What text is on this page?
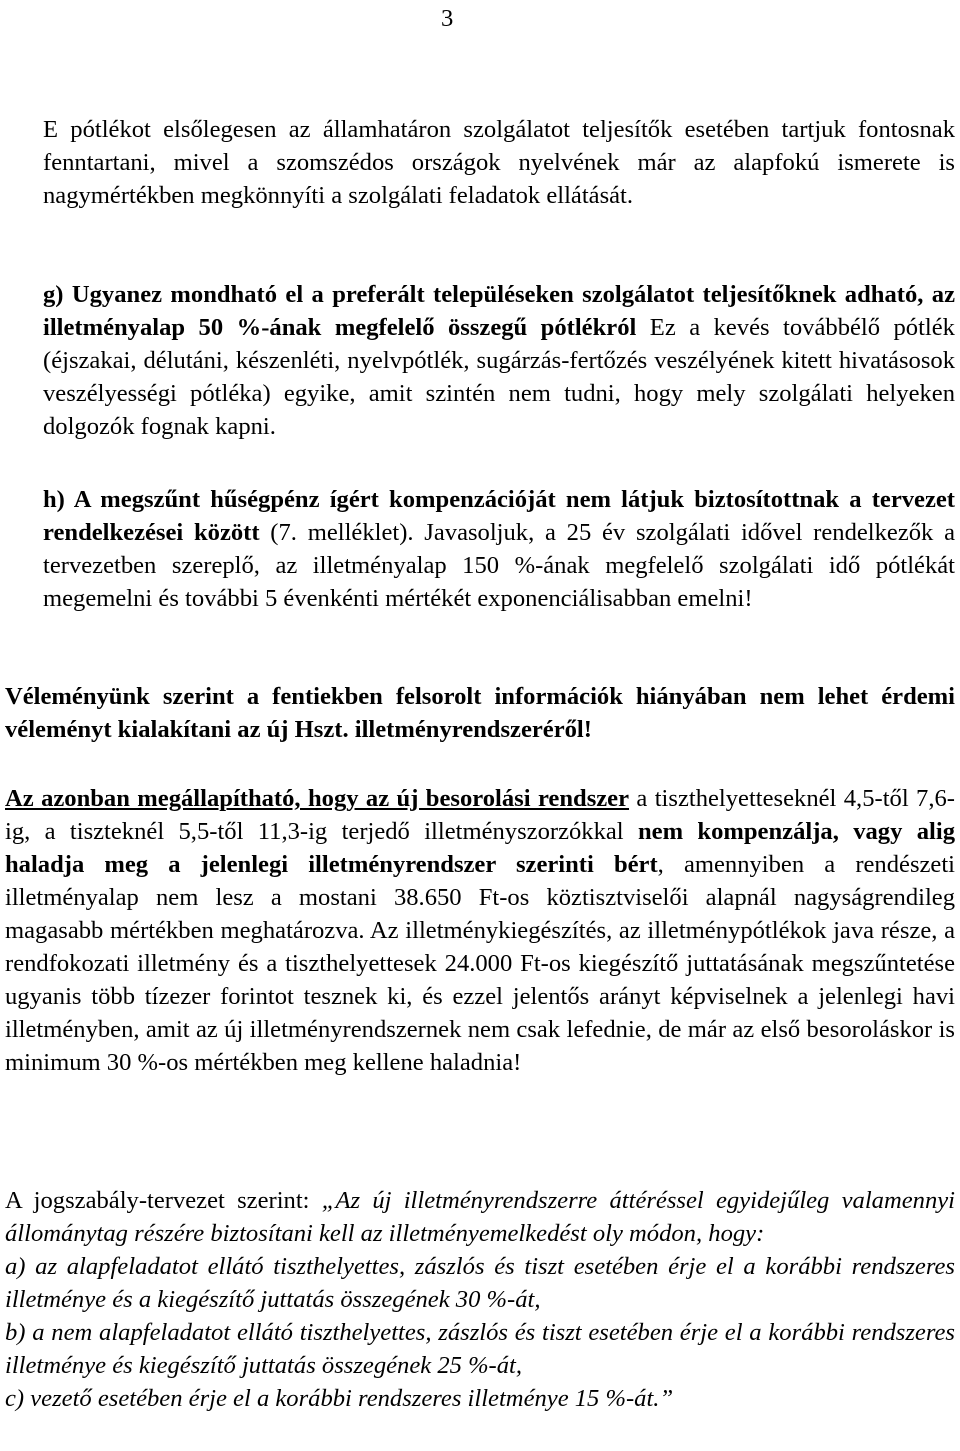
3

E pótlékot elsőlegesen az államhatáron szolgálatot teljesítők esetében tartjuk fontosnak fenntartani, mivel a szomszédos országok nyelvének már az alapfokú ismerete is nagymértékben megkönnyíti a szolgálati feladatok ellátását.

g) Ugyanez mondható el a preferált településeken szolgálatot teljesítőknek adható, az illetményalap 50 %-ának megfelelő összegű pótlékról Ez a kevés továbbélő pótlék (éjszakai, délutáni, készenléti, nyelvpótlék, sugárzás-fertőzés veszélyének kitett hivatásosok veszélyességi pótléka) egyike, amit szintén nem tudni, hogy mely szolgálati helyeken dolgozók fognak kapni.

h) A megszűnt hűségpénz ígért kompenzációját nem látjuk biztosítottnak a tervezet rendelkezései között (7. melléklet). Javasoljuk, a 25 év szolgálati idővel rendelkezők a tervezetben szereplő, az illetményalap 150 %-ának megfelelő szolgálati idő pótlékát megemelni és további 5 évenkénti mértékét exponenciálisabban emelni!

Véleményünk szerint a fentiekben felsorolt információk hiányában nem lehet érdemi véleményt kialakítani az új Hszt. illetményrendszeréről!

Az azonban megállapítható, hogy az új besorolási rendszer a tiszthelyetteseknél 4,5-től 7,6-ig, a tiszteknél 5,5-től 11,3-ig terjedő illetményszorzókkal nem kompenzálja, vagy alig haladja meg a jelenlegi illetményrendszer szerinti bért, amennyiben a rendészeti illetményalap nem lesz a mostani 38.650 Ft-os köztisztviselői alapnál nagyságrendileg magasabb mértékben meghatározva. Az illetménykiegészítés, az illetménypótlékok java része, a rendfokozati illetmény és a tiszthelyettesek 24.000 Ft-os kiegészítő juttatásának megszűntetése ugyanis több tízezer forintot tesznek ki, és ezzel jelentős arányt képviselnek a jelenlegi havi illetményben, amit az új illetményrendszernek nem csak lefednie, de már az első besoroláskor is minimum 30 %-os mértékben meg kellene haladnia!

A jogszabály-tervezet szerint: „Az új illetményrendszerre áttéréssel egyidejűleg valamennyi állománytag részére biztosítani kell az illetményemelkedést oly módon, hogy:
a) az alapfeladatot ellátó tiszthelyettes, zászlós és tiszt esetében érje el a korábbi rendszeres illetménye és a kiegészítő juttatás összegének 30 %-át,
b) a nem alapfeladatot ellátó tiszthelyettes, zászlós és tiszt esetében érje el a korábbi rendszeres illetménye és kiegészítő juttatás összegének 25 %-át,
c) vezető esetében érje el a korábbi rendszeres illetménye 15 %-át.”
